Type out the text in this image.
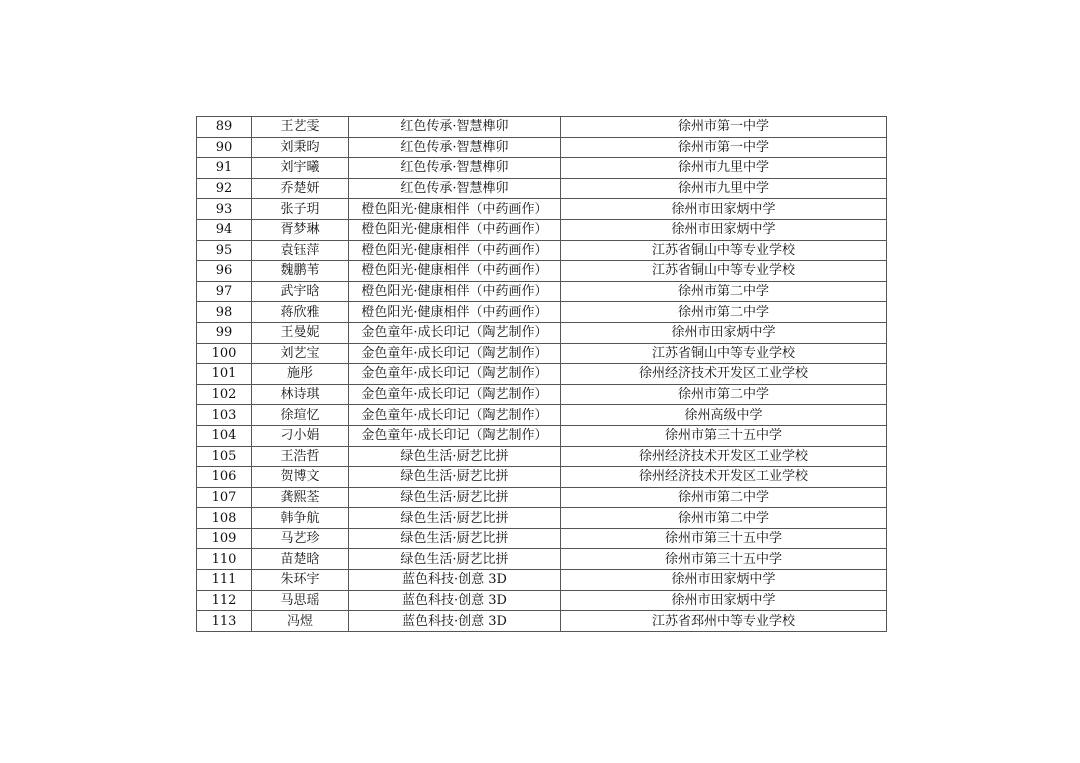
89	王艺雯	红色传承·智慧榫卯	徐州市第一中学
90	刘秉昀	红色传承·智慧榫卯	徐州市第一中学
91	刘宇曦	红色传承·智慧榫卯	徐州市九里中学
92	乔楚妍	红色传承·智慧榫卯	徐州市九里中学
93	张子玥	橙色阳光·健康相伴（中药画作）	徐州市田家炳中学
94	胥梦琳	橙色阳光·健康相伴（中药画作）	徐州市田家炳中学
95	袁钰萍	橙色阳光·健康相伴（中药画作）	江苏省铜山中等专业学校
96	魏鹏苇	橙色阳光·健康相伴（中药画作）	江苏省铜山中等专业学校
97	武宇晗	橙色阳光·健康相伴（中药画作）	徐州市第二中学
98	蒋欣雅	橙色阳光·健康相伴（中药画作）	徐州市第二中学
99	王曼妮	金色童年·成长印记（陶艺制作）	徐州市田家炳中学
100	刘艺宝	金色童年·成长印记（陶艺制作）	江苏省铜山中等专业学校
101	施彤	金色童年·成长印记（陶艺制作）	徐州经济技术开发区工业学校
102	林诗琪	金色童年·成长印记（陶艺制作）	徐州市第二中学
103	徐瑄忆	金色童年·成长印记（陶艺制作）	徐州高级中学
104	刁小娟	金色童年·成长印记（陶艺制作）	徐州市第三十五中学
105	王浩哲	绿色生活·厨艺比拼	徐州经济技术开发区工业学校
106	贺博文	绿色生活·厨艺比拼	徐州经济技术开发区工业学校
107	龚熙荃	绿色生活·厨艺比拼	徐州市第二中学
108	韩争航	绿色生活·厨艺比拼	徐州市第二中学
109	马艺珍	绿色生活·厨艺比拼	徐州市第三十五中学
110	苗楚晗	绿色生活·厨艺比拼	徐州市第三十五中学
111	朱环宇	蓝色科技·创意 3D	徐州市田家炳中学
112	马思瑶	蓝色科技·创意 3D	徐州市田家炳中学
113	冯煜	蓝色科技·创意 3D	江苏省邳州中等专业学校
